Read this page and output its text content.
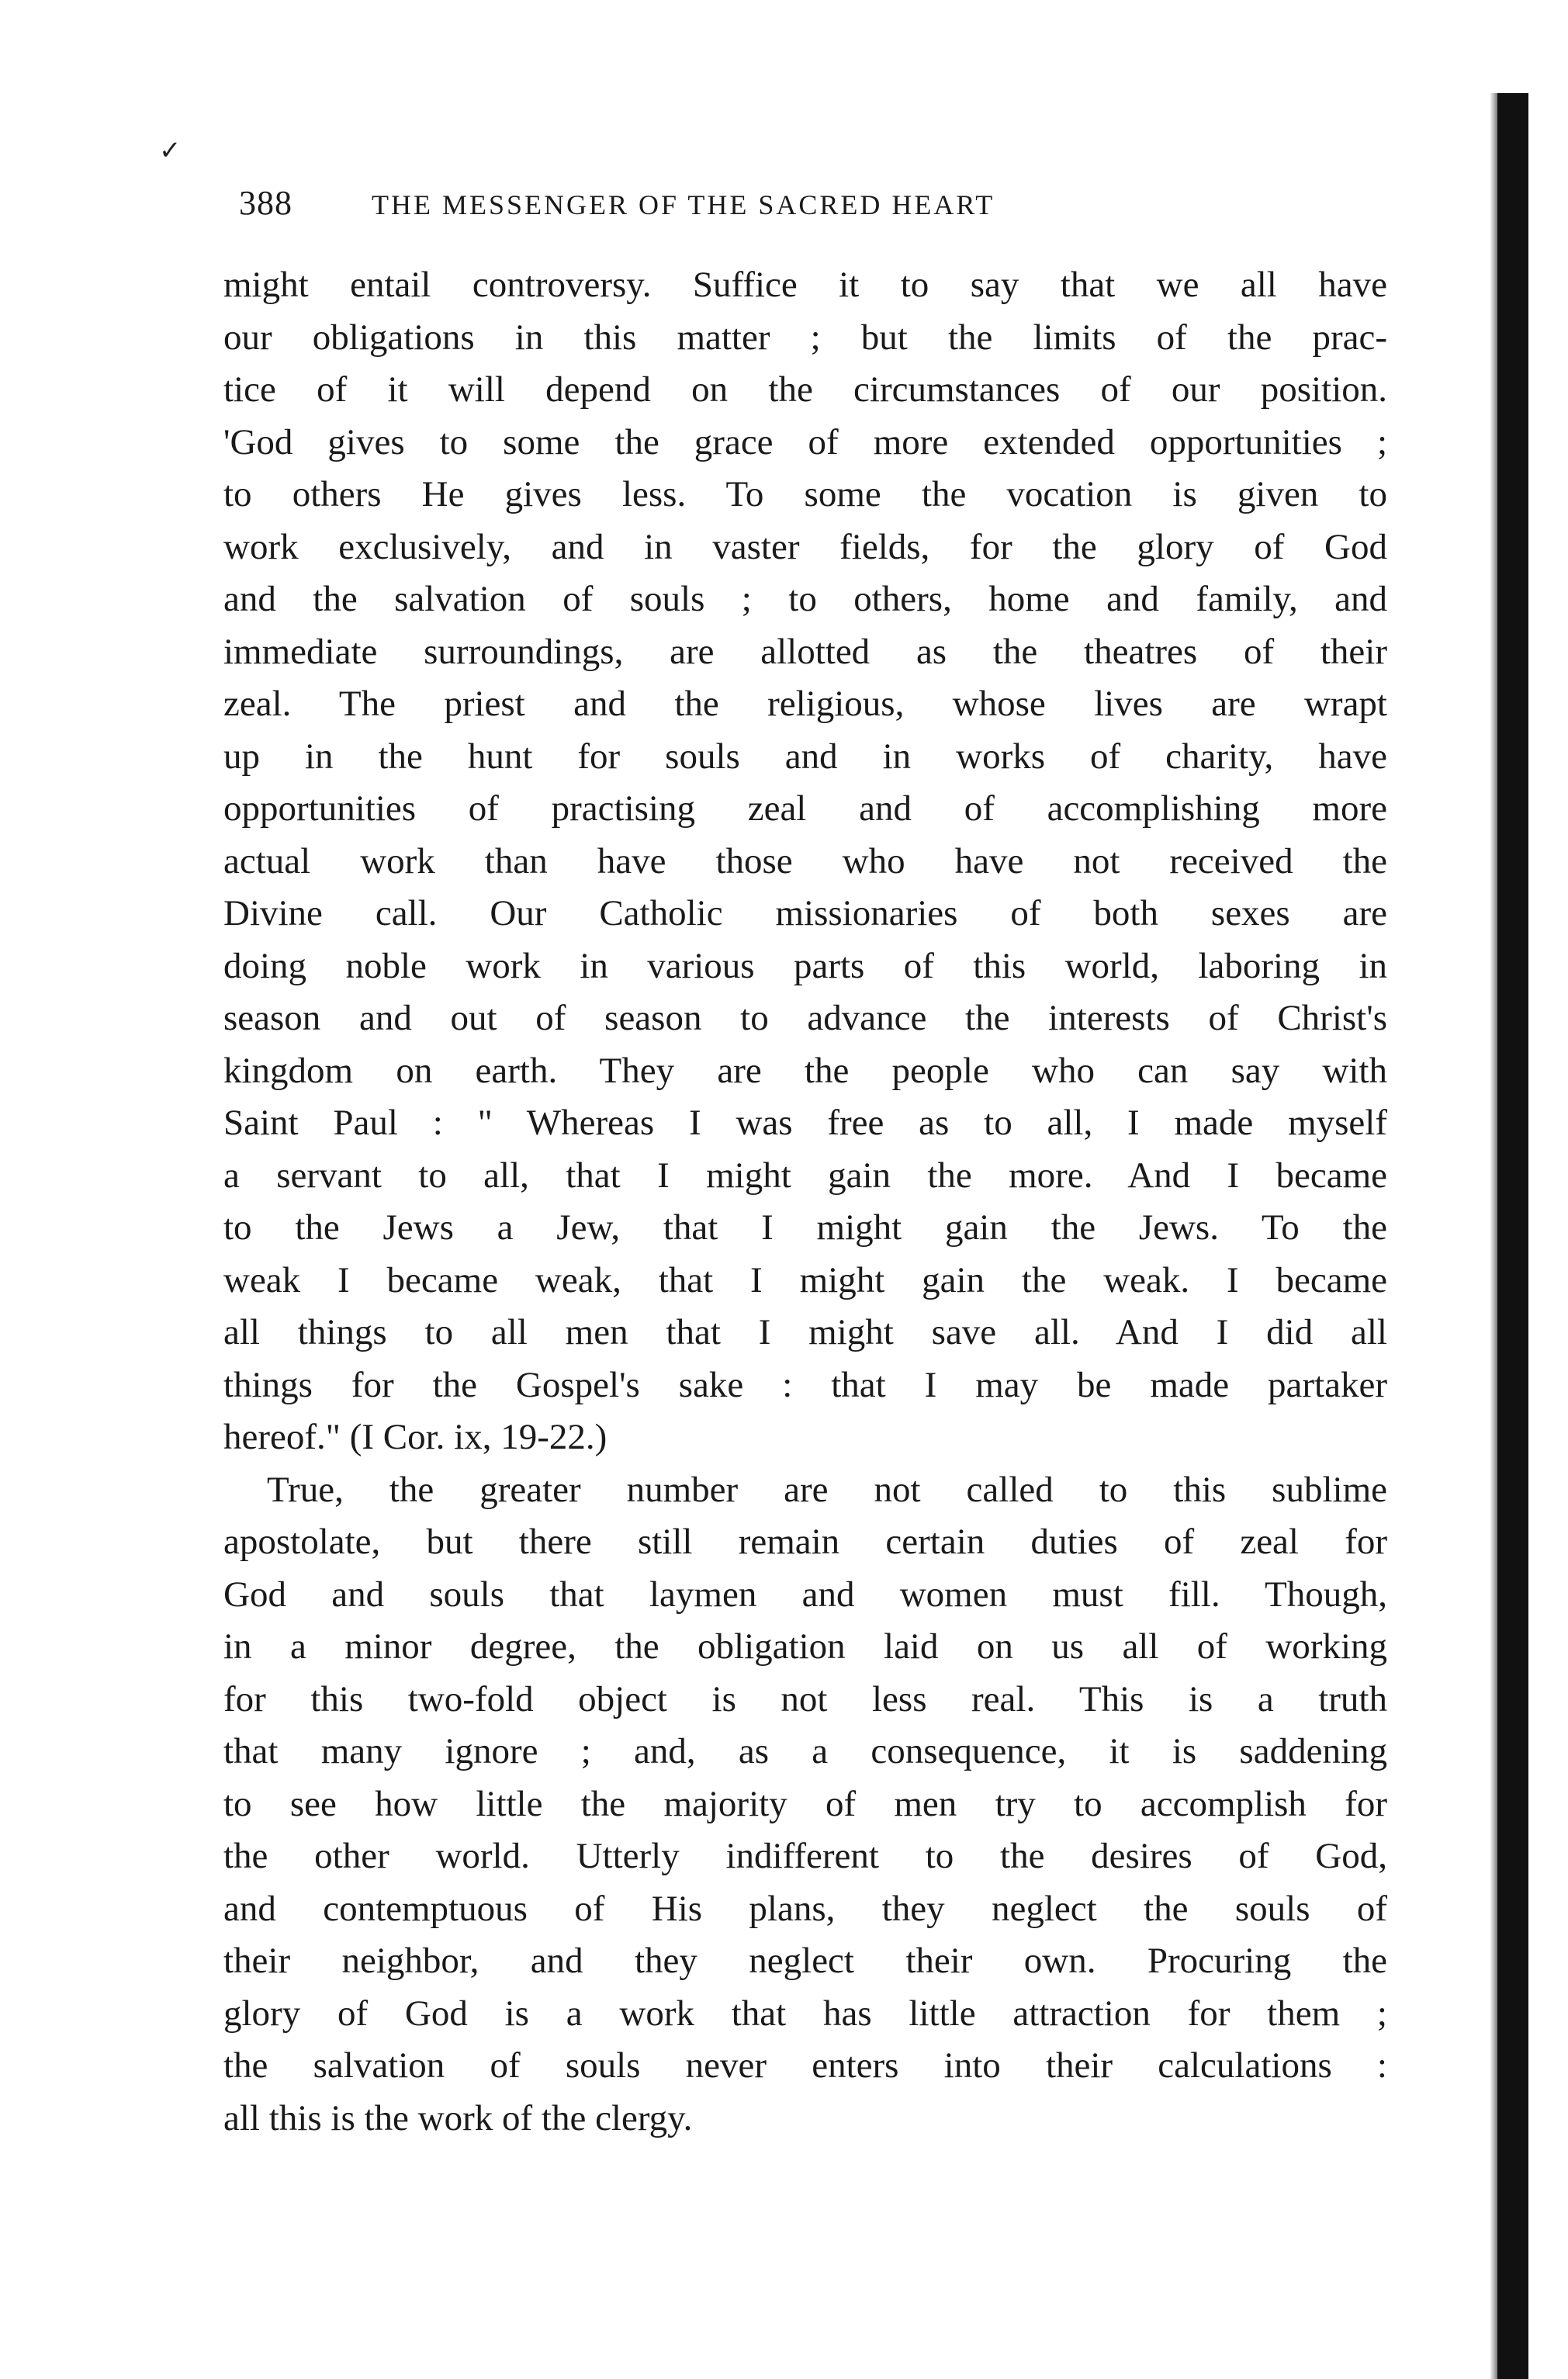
✓
388	THE MESSENGER OF THE SACRED HEART
might entail controversy. Suffice it to say that we all have
our obligations in this matter ; but the limits of the prac-
tice of it will depend on the circumstances of our position.
'God gives to some the grace of more extended opportunities ;
to others He gives less. To some the vocation is given to
work exclusively, and in vaster fields, for the glory of God
and the salvation of souls ; to others, home and family, and
immediate surroundings, are allotted as the theatres of their
zeal. The priest and the religious, whose lives are wrapt
up in the hunt for souls and in works of charity, have
opportunities of practising zeal and of accomplishing more
actual work than have those who have not received the
Divine call. Our Catholic missionaries of both sexes are
doing noble work in various parts of this world, laboring in
season and out of season to advance the interests of Christ's
kingdom on earth. They are the people who can say with
Saint Paul : " Whereas I was free as to all, I made myself
a servant to all, that I might gain the more. And I became
to the Jews a Jew, that I might gain the Jews. To the
weak I became weak, that I might gain the weak. I became
all things to all men that I might save all. And I did all
things for the Gospel's sake : that I may be made partaker
hereof." (I Cor. ix, 19-22.)
True, the greater number are not called to this sublime
apostolate, but there still remain certain duties of zeal for
God and souls that laymen and women must fill. Though,
in a minor degree, the obligation laid on us all of working
for this two-fold object is not less real. This is a truth
that many ignore ; and, as a consequence, it is saddening
to see how little the majority of men try to accomplish for
the other world. Utterly indifferent to the desires of God,
and contemptuous of His plans, they neglect the souls of
their neighbor, and they neglect their own. Procuring the
glory of God is a work that has little attraction for them ;
the salvation of souls never enters into their calculations :
all this is the work of the clergy.
